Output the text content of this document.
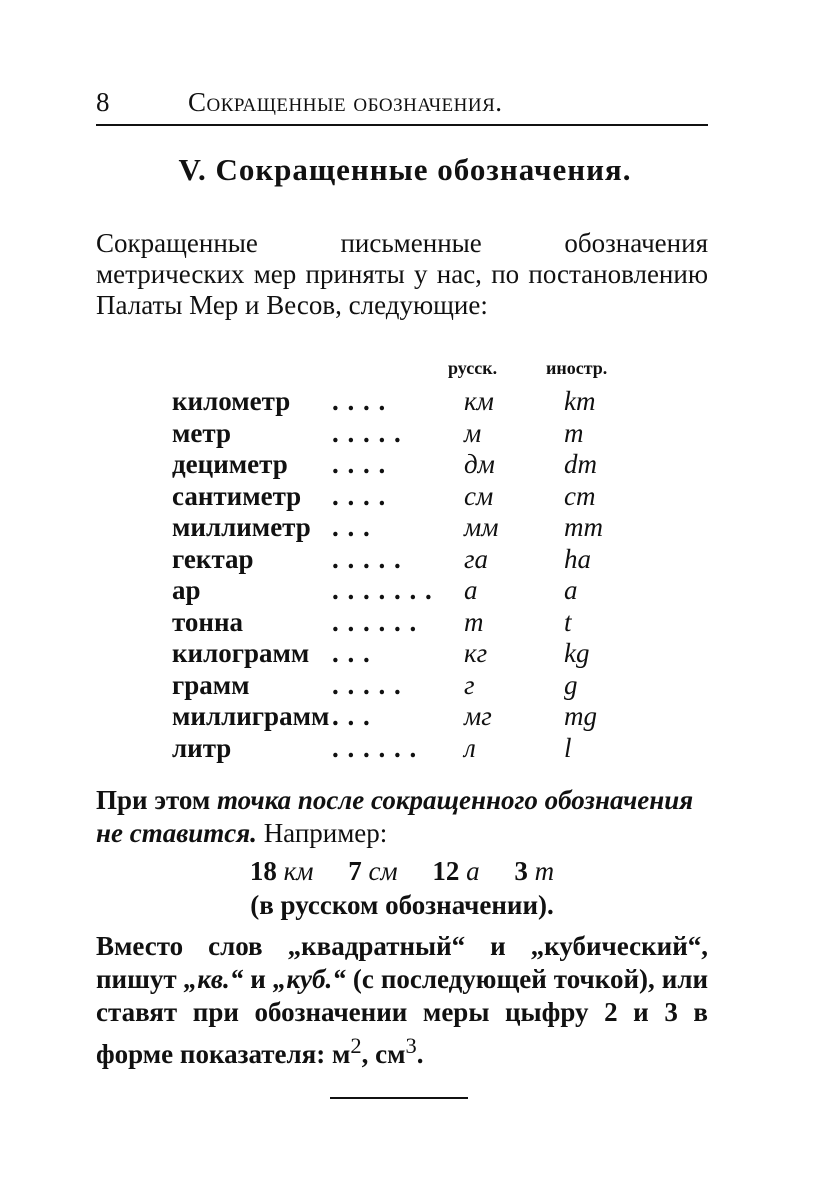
8	Сокращенные обозначения.
V. Сокращенные обозначения.
Сокращенные письменные обозначения метрических мер приняты у нас, по постановлению Палаты Мер и Весов, следующие:
русск.	иностр.
километр . . . .	км	km
метр	. . . . .	м	m
дециметр . . . .	дм	dm
сантиметр . . . .	см	cm
миллиметр . . .	мм mm
гектар	. . . . .	га	ha
ар	. . . . . . .	а	a
тонна	. . . . . .	т	t
килограмм . . .	кг	kg
грамм	. . . . .	г	g
миллиграмм . . .	мг	mg
литр	. . . . . .	л	l
При этом точка после сокращенного обозначения не ставится. Например:
18 км 7 см 12 а 3 т
(в русском обозначении).
Вместо слов „квадратный“ и „кубический“, пишут „кв.“ и „куб.“ (с последующей точкой), или ставят при обозначении меры цыфру 2 и 3 в форме показателя: $м^2$, $см^3$.
